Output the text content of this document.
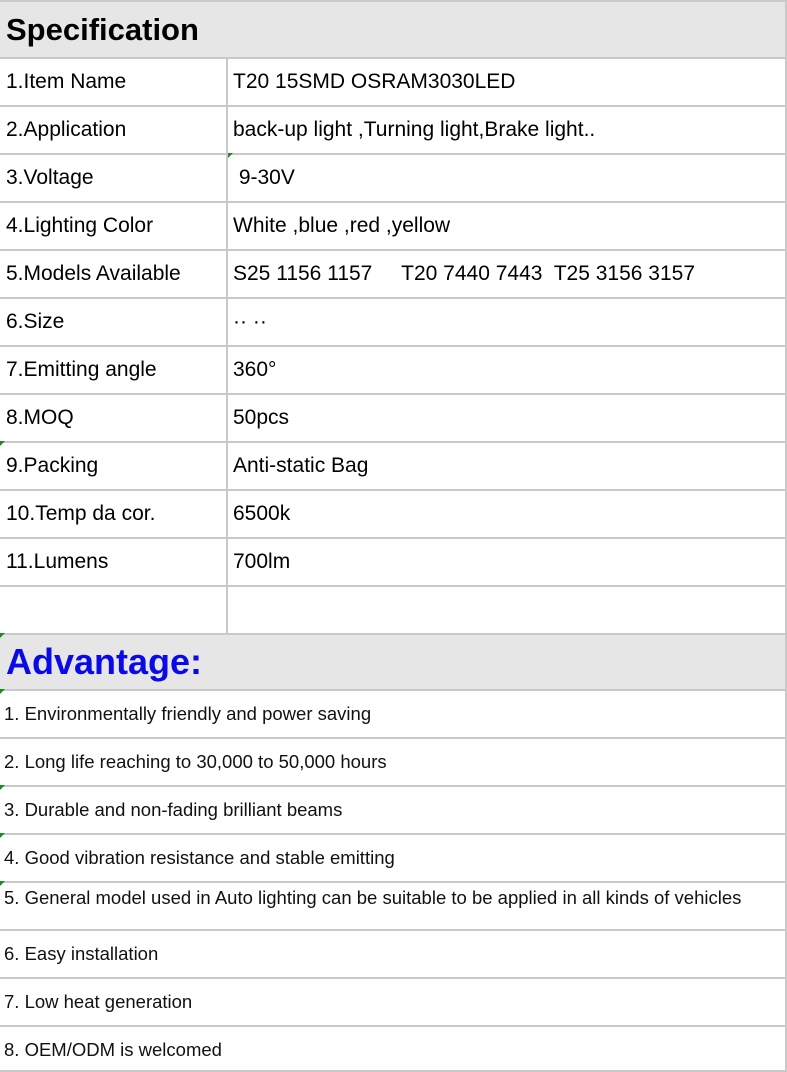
Specification
1.Item Name	T20 15SMD OSRAM3030LED
2.Application	back-up light ,Turning light,Brake light..
3.Voltage	9-30V
4.Lighting Color	White ,blue ,red ,yellow
5.Models Available	S25 1156 1157     T20 7440 7443  T25 3156 3157
6.Size	·· ··
7.Emitting angle	360°
8.MOQ	50pcs
9.Packing	Anti-static Bag
10.Temp da cor.	6500k
11.Lumens	700lm
Advantage:
1. Environmentally friendly and power saving
2. Long life reaching to 30,000 to 50,000 hours
3. Durable and non-fading brilliant beams
4. Good vibration resistance and stable emitting
5. General model used in Auto lighting can be suitable to be applied in all kinds of vehicles
6. Easy installation
7. Low heat generation
8. OEM/ODM is welcomed
